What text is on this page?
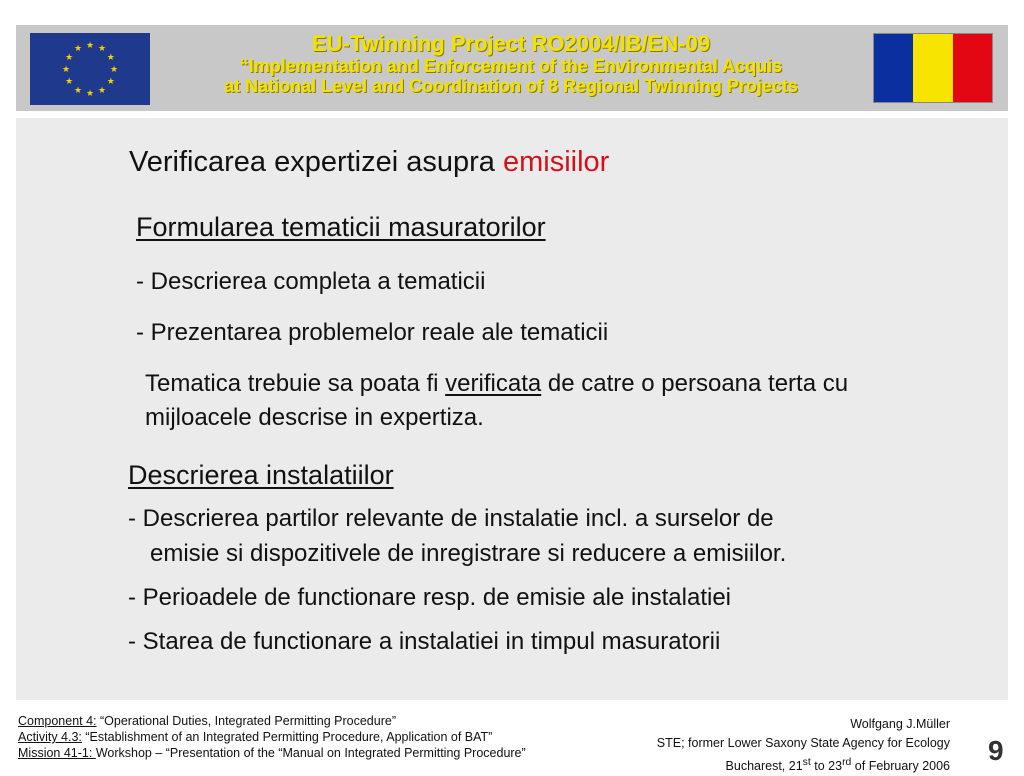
★ ★
★
★
★
★
★
★
★
★
★
★	EU-Twinning Project RO2004/IB/EN-09
“Implementation and Enforcement of the Environmental Acquis
at National Level and Coordination of 8 Regional Twinning Projects
Verificarea expertizei asupra emisiilor
Formularea tematicii masuratorilor
- Descrierea completa a tematicii
- Prezentarea problemelor reale ale tematicii
Tematica trebuie sa poata fi verificata de catre o persoana terta cu
mijloacele descrise in expertiza.
Descrierea instalatiilor
- Descrierea partilor relevante de instalatie incl. a surselor de
emisie si dispozitivele de inregistrare si reducere a emisiilor.
- Perioadele de functionare resp. de emisie ale instalatiei
- Starea de functionare a instalatiei in timpul masuratorii
Component 4: “Operational Duties, Integrated Permitting Procedure”
Activity 4.3: “Establishment of an Integrated Permitting Procedure, Application of BAT”
Mission 41-1: Workshop – “Presentation of the “Manual on Integrated Permitting Procedure”
Wolfgang J.Müller
STE; former Lower Saxony State Agency for Ecology
Bucharest, 21st to 23rd of February 2006
9
